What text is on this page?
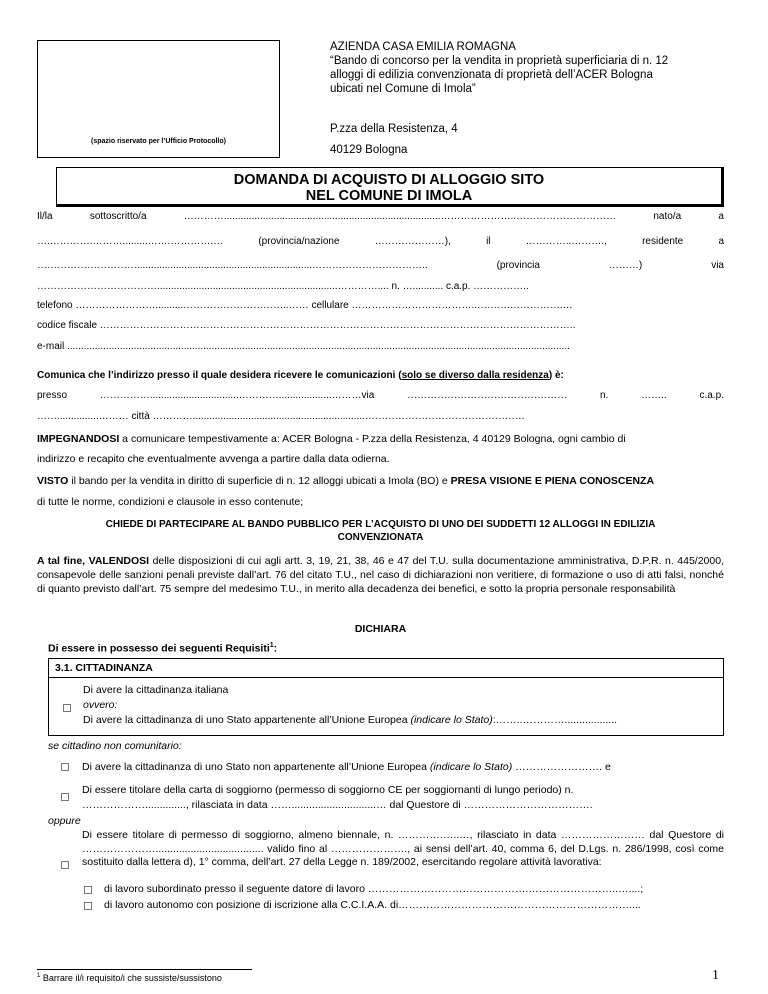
(spazio riservato per l’Ufficio Protocollo)
AZIENDA CASA EMILIA ROMAGNA
“Bando di concorso per la vendita in proprietà superficiaria di n. 12
alloggi di edilizia convenzionata di proprietà dell’ACER Bologna
ubicati nel Comune di Imola”
P.zza della Resistenza, 4
40129 Bologna
DOMANDA DI ACQUISTO DI ALLOGGIO SITO
NEL COMUNE DI IMOLA
Il/la	sottoscritto/a	…………..............................................................................…………………..…………………………	nato/a	a
….………….……….........…….………….…	(provincia/nazione	…………………),	il	…………..……….,	residente	a
…………………………...............................................................……………………………..	(provincia	………)	via
……………………………….................................................................………….... n. …........... c.a.p. ……………..
telefono ……………………..........…………………………..…… cellulare ………………………………..……….…………….…
codice fiscale ……………………………………………………………………………………………………………………………..
e-mail .....................................................................................................................................................................................
Comunica che l’indirizzo presso il quale desidera ricevere le comunicazioni (solo se diverso dalla residenza) è:
presso	……………................................…………...................………via	…………………………………………	n.	……..	c.a.p.
……...............……… città …………..............................................................…………………………………………
IMPEGNANDOSI a comunicare tempestivamente a: ACER Bologna - P.zza della Resistenza, 4 40129 Bologna, ogni cambio di
indirizzo e recapito che eventualmente avvenga a partire dalla data odierna.
VISTO il bando per la vendita in diritto di superficie di n. 12 alloggi ubicati a Imola (BO) e PRESA VISIONE E PIENA CONOSCENZA
di tutte le norme, condizioni e clausole in esso contenute;
CHIEDE DI PARTECIPARE AL BANDO PUBBLICO PER L’ACQUISTO DI UNO DEI SUDDETTI 12 ALLOGGI IN EDILIZIA
CONVENZIONATA
A tal fine, VALENDOSI delle disposizioni di cui agli artt. 3, 19, 21, 38, 46 e 47 del T.U. sulla documentazione amministrativa, D.P.R. n. 445/2000, consapevole delle sanzioni penali previste dall’art. 76 del citato T.U., nel caso di dichiarazioni non veritiere, di formazione o uso di atti falsi, nonché di quanto previsto dall’art. 75 sempre del medesimo T.U., in merito alla decadenza dei benefici, e sotto la propria personale responsabilità
DICHIARA
Di essere in possesso dei seguenti Requisiti$^1$:
3.1. CITTADINANZA
Di avere la cittadinanza italiana
ovvero:
Di avere la cittadinanza di uno Stato appartenente all’Unione Europea (indicare lo Stato):……..…………..................
se cittadino non comunitario:
Di avere la cittadinanza di uno Stato non appartenente all’Unione Europea (indicare lo Stato) ……………………. e
Di essere titolare della carta di soggiorno (permesso di soggiorno CE per soggiornanti di lungo periodo) n.
……………….............., rilasciata in data …….............................… dal Questore di ……………………………….
oppure
Di essere titolare di permesso di soggiorno, almeno biennale, n. ………….…..…, rilasciato in data …………………… dal Questore di …………………..................................... valido fino al …………………., ai sensi dell’art. 40, comma 6, del D.Lgs. n. 286/1998, così come sostituito dalla lettera d), 1° comma, dell’art. 27 della Legge n. 189/2002, esercitando regolare attività lavorativa:
di lavoro subordinato presso il seguente datore di lavoro ……………………………………….……………………..…....;
di lavoro autonomo con posizione di iscrizione alla C.C.I.A.A. di…………………………………………………………....
$^1$ Barrare il/i requisito/i che sussiste/sussistono	1
